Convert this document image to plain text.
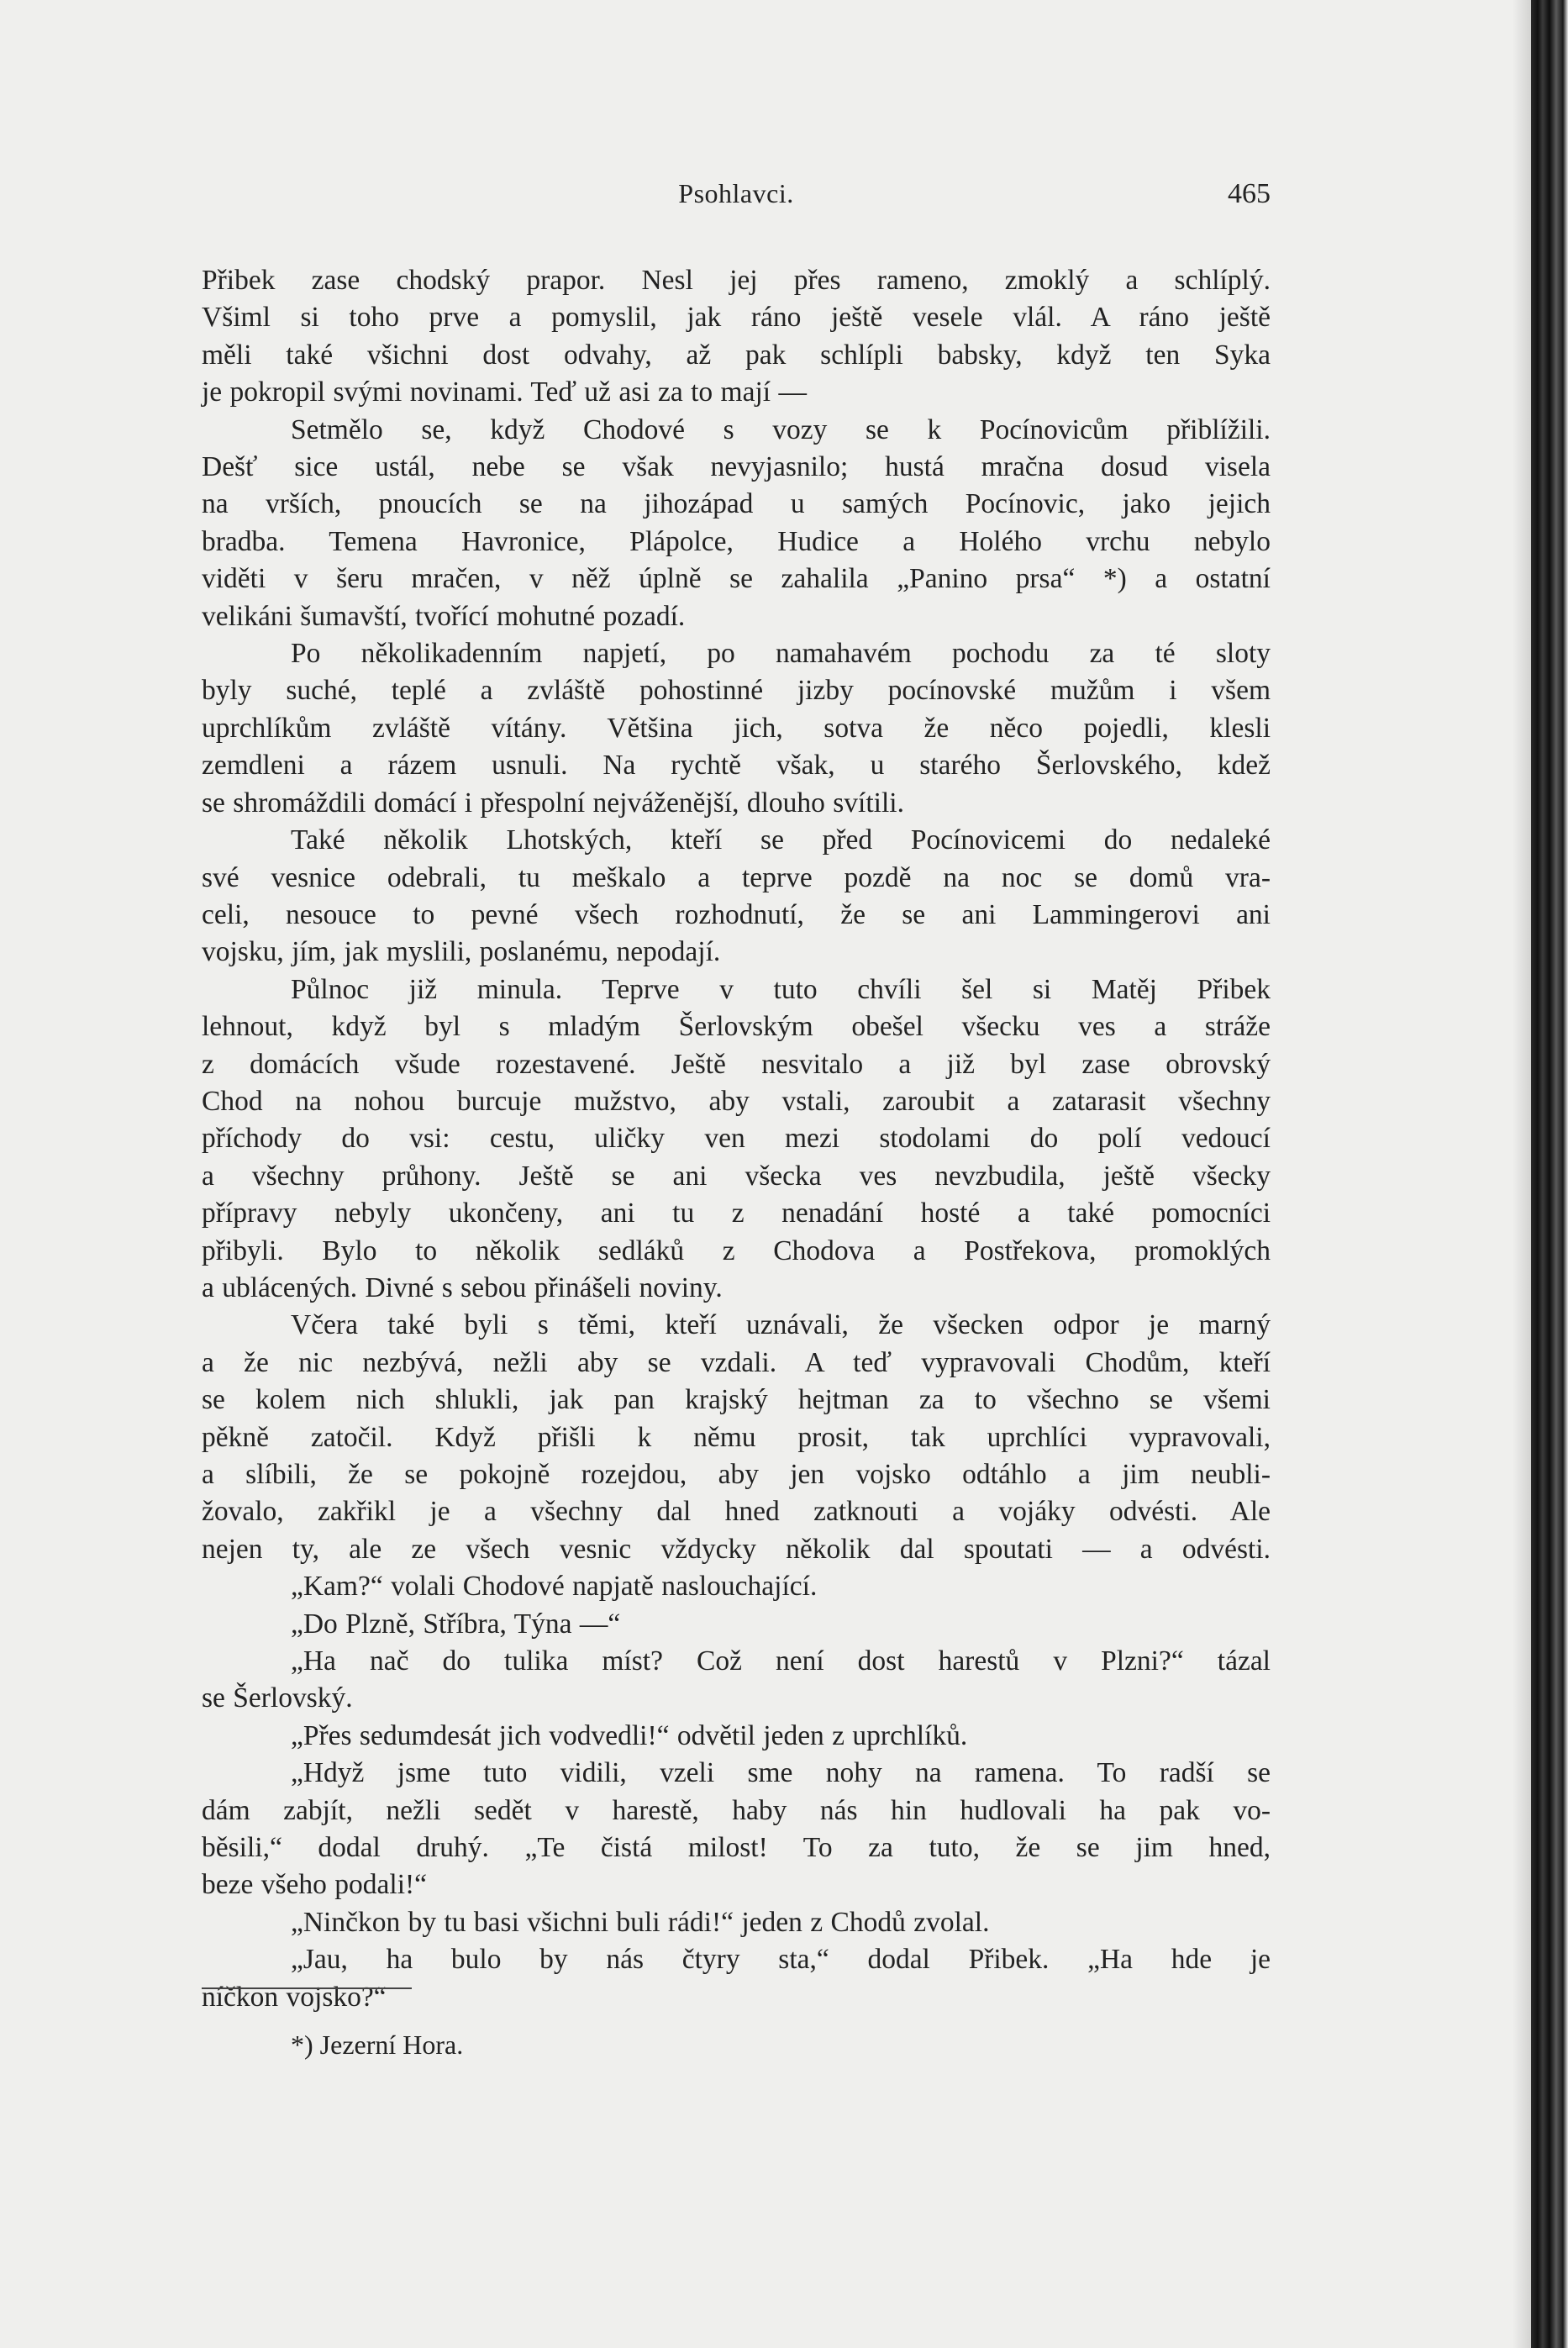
Psohlavci.	465
Přibek zase chodský prapor. Nesl jej přes rameno, zmoklý a schlíplý.
Všiml si toho prve a pomyslil, jak ráno ještě vesele vlál. A ráno ještě
měli také všichni dost odvahy, až pak schlípli babsky, když ten Syka
je pokropil svými novinami. Teď už asi za to mají —
Setmělo se, když Chodové s vozy se k Pocínovicům přiblížili.
Dešť sice ustál, nebe se však nevyjasnilo; hustá mračna dosud visela
na vrších, pnoucích se na jihozápad u samých Pocínovic, jako jejich
bradba. Temena Havronice, Plápolce, Hudice a Holého vrchu nebylo
viděti v šeru mračen, v něž úplně se zahalila „Panino prsa“ *) a ostatní
velikáni šumavští, tvořící mohutné pozadí.
Po několikadenním napjetí, po namahavém pochodu za té sloty
byly suché, teplé a zvláště pohostinné jizby pocínovské mužům i všem
uprchlíkům zvláště vítány. Většina jich, sotva že něco pojedli, klesli
zemdleni a rázem usnuli. Na rychtě však, u starého Šerlovského, kdež
se shromáždili domácí i přespolní nejváženější, dlouho svítili.
Také několik Lhotských, kteří se před Pocínovicemi do nedaleké
své vesnice odebrali, tu meškalo a teprve pozdě na noc se domů vra-
celi, nesouce to pevné všech rozhodnutí, že se ani Lammingerovi ani
vojsku, jím, jak myslili, poslanému, nepodají.
Půlnoc již minula. Teprve v tuto chvíli šel si Matěj Přibek
lehnout, když byl s mladým Šerlovským obešel všecku ves a stráže
z domácích všude rozestavené. Ještě nesvitalo a již byl zase obrovský
Chod na nohou burcuje mužstvo, aby vstali, zaroubit a zatarasit všechny
příchody do vsi: cestu, uličky ven mezi stodolami do polí vedoucí
a všechny průhony. Ještě se ani všecka ves nevzbudila, ještě všecky
přípravy nebyly ukončeny, ani tu z nenadání hosté a také pomocníci
přibyli. Bylo to několik sedláků z Chodova a Postřekova, promoklých
a ublácených. Divné s sebou přinášeli noviny.
Včera také byli s těmi, kteří uznávali, že všecken odpor je marný
a že nic nezbývá, nežli aby se vzdali. A teď vypravovali Chodům, kteří
se kolem nich shlukli, jak pan krajský hejtman za to všechno se všemi
pěkně zatočil. Když přišli k němu prosit, tak uprchlíci vypravovali,
a slíbili, že se pokojně rozejdou, aby jen vojsko odtáhlo a jim neubli-
žovalo, zakřikl je a všechny dal hned zatknouti a vojáky odvésti. Ale
nejen ty, ale ze všech vesnic vždycky několik dal spoutati — a odvésti.
„Kam?“ volali Chodové napjatě naslouchající.
„Do Plzně, Stříbra, Týna —“
„Ha nač do tulika míst? Což není dost harestů v Plzni?“ tázal
se Šerlovský.
„Přes sedumdesát jich vodvedli!“ odvětil jeden z uprchlíků.
„Hdyž jsme tuto vidili, vzeli sme nohy na ramena. To radší se
dám zabjít, nežli sedět v harestě, haby nás hin hudlovali ha pak vo-
běsili,“ dodal druhý. „Te čistá milost! To za tuto, že se jim hned,
beze všeho podali!“
„Ninčkon by tu basi všichni buli rádi!“ jeden z Chodů zvolal.
„Jau, ha bulo by nás čtyry sta,“ dodal Přibek. „Ha hde je
níčkon vojsko?“
*) Jezerní Hora.
